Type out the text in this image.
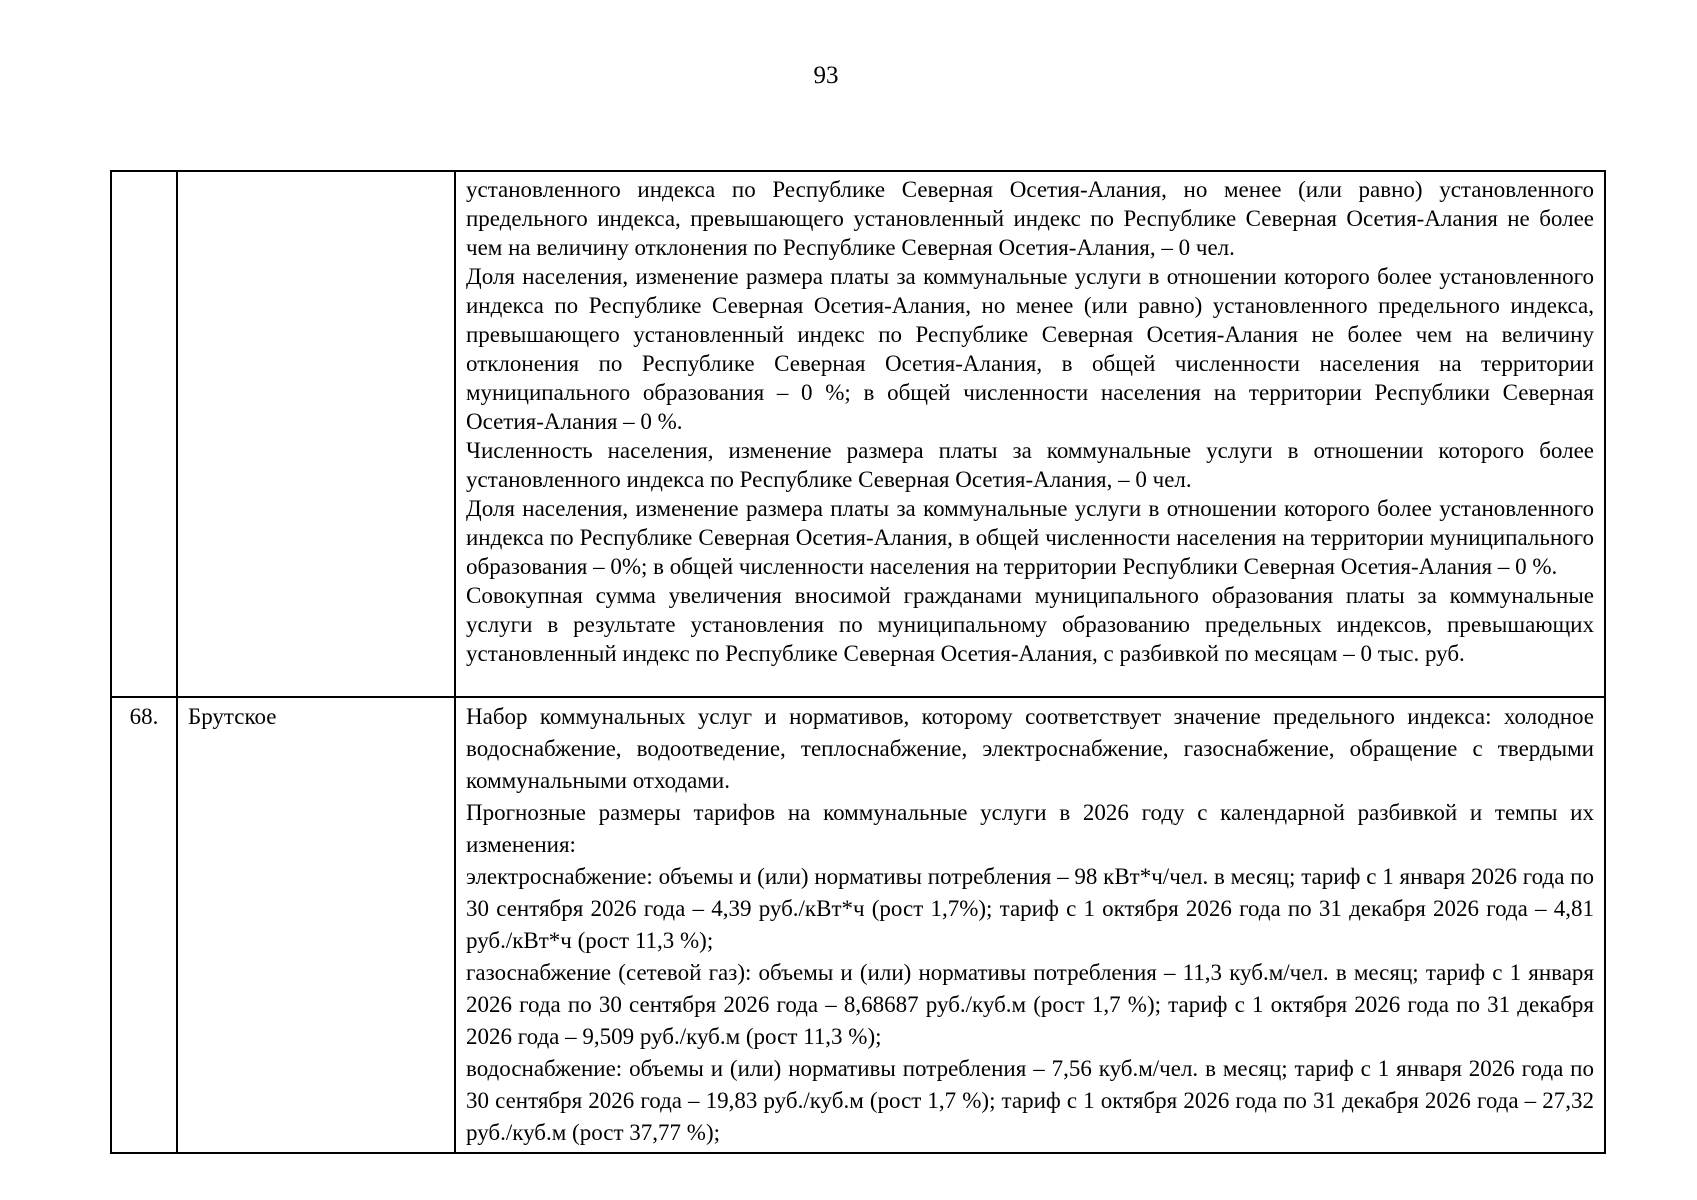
93

		установленного индекса по Республике Северная Осетия-Алания, но менее (или равно) установленного предельного индекса, превышающего установленный индекс по Республике Северная Осетия-Алания не более чем на величину отклонения по Республике Северная Осетия-Алания, – 0 чел.
Доля населения, изменение размера платы за коммунальные услуги в отношении которого более установленного индекса по Республике Северная Осетия-Алания, но менее (или равно) установленного предельного индекса, превышающего установленный индекс по Республике Северная Осетия-Алания не более чем на величину отклонения по Республике Северная Осетия-Алания, в общей численности населения на территории муниципального образования – 0 %; в общей численности населения на территории Республики Северная Осетия-Алания – 0 %.
Численность населения, изменение размера платы за коммунальные услуги в отношении которого более установленного индекса по Республике Северная Осетия-Алания, – 0 чел.
Доля населения, изменение размера платы за коммунальные услуги в отношении которого более установленного индекса по Республике Северная Осетия-Алания, в общей численности населения на территории муниципального образования – 0%; в общей численности населения на территории Республики Северная Осетия-Алания – 0 %.
Совокупная сумма увеличения вносимой гражданами муниципального образования платы за коммунальные услуги в результате установления по муниципальному образованию предельных индексов, превышающих установленный индекс по Республике Северная Осетия-Алания, с разбивкой по месяцам – 0 тыс. руб.

68.	Брутское	Набор коммунальных услуг и нормативов, которому соответствует значение предельного индекса: холодное водоснабжение, водоотведение, теплоснабжение, электроснабжение, газоснабжение, обращение с твердыми коммунальными отходами.
Прогнозные размеры тарифов на коммунальные услуги в 2026 году с календарной разбивкой и темпы их изменения:
электроснабжение: объемы и (или) нормативы потребления – 98 кВт*ч/чел. в месяц; тариф с 1 января 2026 года по 30 сентября 2026 года – 4,39 руб./кВт*ч (рост 1,7%); тариф с 1 октября 2026 года по 31 декабря 2026 года – 4,81 руб./кВт*ч (рост 11,3 %);
газоснабжение (сетевой газ): объемы и (или) нормативы потребления – 11,3 куб.м/чел. в месяц; тариф с 1 января 2026 года по 30 сентября 2026 года – 8,68687 руб./куб.м (рост 1,7 %); тариф с 1 октября 2026 года по 31 декабря 2026 года – 9,509 руб./куб.м (рост 11,3 %);
водоснабжение: объемы и (или) нормативы потребления – 7,56 куб.м/чел. в месяц; тариф с 1 января 2026 года по 30 сентября 2026 года – 19,83 руб./куб.м (рост 1,7 %); тариф с 1 октября 2026 года по 31 декабря 2026 года – 27,32 руб./куб.м (рост 37,77 %);
